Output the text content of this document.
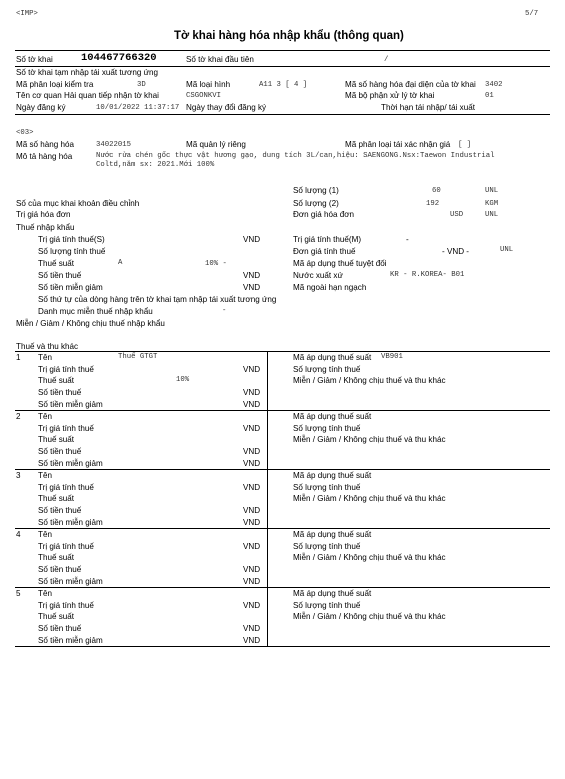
<IMP>	5/7
Tờ khai hàng hóa nhập khẩu (thông quan)
Số tờ khai	104467766320	Số tờ khai đầu tiên	/
Số tờ khai tạm nhập tái xuất tương ứng
Mã phân loại kiểm tra	3D	Mã loại hình	A11 3 [ 4 ]	Mã số hàng hóa đại diện của tờ khai 3402
Tên cơ quan Hải quan tiếp nhận tờ khai	CSGONKVI	Mã bộ phận xử lý tờ khai	01
Ngày đăng ký	10/01/2022 11:37:17 Ngày thay đổi đăng ký	Thời hạn tái nhập/ tái xuất
<03>
Mã số hàng hóa	34022015	Mã quản lý riêng	Mã phân loại tái xác nhận giá [ ]
Mô tả hàng hóa	Nước rửa chén gốc thực vật hương gạo, dung tích 3L/can,hiệu: SAENGONG.Nsx:Taewon Industrial
Coltd,năm sx: 2021.Mới 100%
Số lượng (1)	60	UNL
Số của mục khai khoản điều chỉnh	Số lượng (2)	192	KGM
Trị giá hóa đơn	Đơn giá hóa đơn	USD	UNL
Thuế nhập khẩu
Trị giá tính thuế(S)	VND	Trị giá tính thuế(M)	-
Số lượng tính thuế	Đơn giá tính thuế	- VND -	UNL
Thuế suất	A	10% -	Mã áp dụng thuế tuyệt đối
Số tiền thuế	VND	Nước xuất xứ	KR - R.KOREA- B01
Số tiền miễn giảm	VND	Mã ngoài hạn ngạch
Số thứ tự của dòng hàng trên tờ khai tạm nhập tái xuất tương ứng
Danh mục miễn thuế nhập khẩu	-
Miễn / Giảm / Không chịu thuế nhập khẩu
Thuế và thu khác
1 Tên	Thuế GTGT	Mã áp dụng thuế suất VB901
Trị giá tính thuế	VND	Số lượng tính thuế
Thuế suất	10%	Miễn / Giảm / Không chịu thuế và thu khác
Số tiền thuế	VND
Số tiền miễn giảm	VND
2 Tên	Mã áp dụng thuế suất
Trị giá tính thuế	VND	Số lượng tính thuế
Thuế suất	Miễn / Giảm / Không chịu thuế và thu khác
Số tiền thuế	VND
Số tiền miễn giảm	VND
3 Tên	Mã áp dụng thuế suất
Trị giá tính thuế	VND	Số lượng tính thuế
Thuế suất	Miễn / Giảm / Không chịu thuế và thu khác
Số tiền thuế	VND
Số tiền miễn giảm	VND
4 Tên	Mã áp dụng thuế suất
Trị giá tính thuế	VND	Số lượng tính thuế
Thuế suất	Miễn / Giảm / Không chịu thuế và thu khác
Số tiền thuế	VND
Số tiền miễn giảm	VND
5 Tên	Mã áp dụng thuế suất
Trị giá tính thuế	VND	Số lượng tính thuế
Thuế suất	Miễn / Giảm / Không chịu thuế và thu khác
Số tiền thuế	VND
Số tiền miễn giảm	VND
